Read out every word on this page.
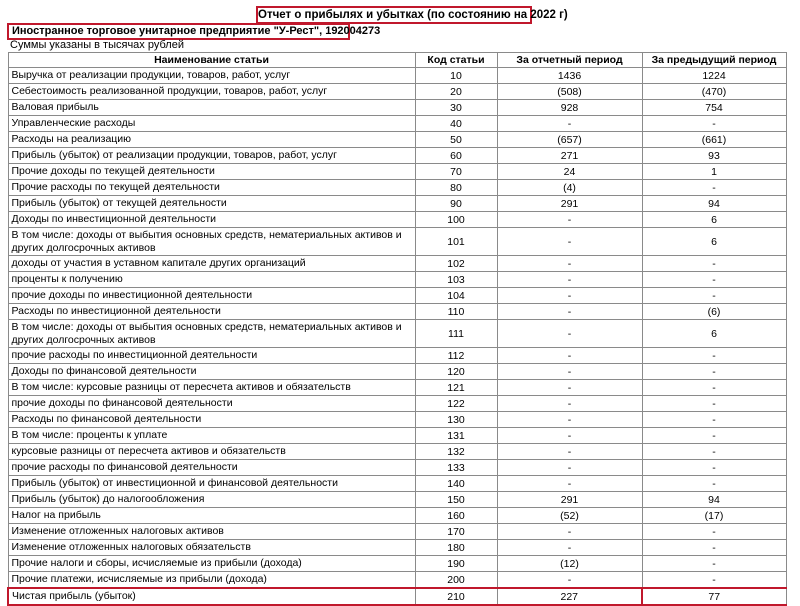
Отчет о прибылях и убытках (по состоянию на 2022 г)
Иностранное торговое унитарное предприятие "У-Рест", 192004273
Суммы указаны в тысячах рублей
Наименование статьи	Код статьи	За отчетный период	За предыдущий период
Выручка от реализации продукции, товаров, работ, услуг	10	1436	1224
Себестоимость реализованной продукции, товаров, работ, услуг	20	(508)	(470)
Валовая прибыль	30	928	754
Управленческие расходы	40	-	-
Расходы на реализацию	50	(657)	(661)
Прибыль (убыток) от реализации продукции, товаров, работ, услуг	60	271	93
Прочие доходы по текущей деятельности	70	24	1
Прочие расходы по текущей деятельности	80	(4)	-
Прибыль (убыток) от текущей деятельности	90	291	94
Доходы по инвестиционной деятельности	100	-	6
В том числе: доходы от выбытия основных средств, нематериальных активов и других долгосрочных активов	101	-	6
доходы от участия в уставном капитале других организаций	102	-	-
проценты к получению	103	-	-
прочие доходы по инвестиционной деятельности	104	-	-
Расходы по инвестиционной деятельности	110	-	(6)
В том числе: доходы от выбытия основных средств, нематериальных активов и других долгосрочных активов	111	-	6
прочие расходы по инвестиционной деятельности	112	-	-
Доходы по финансовой деятельности	120	-	-
В том числе: курсовые разницы от пересчета активов и обязательств	121	-	-
прочие доходы по финансовой деятельности	122	-	-
Расходы по финансовой деятельности	130	-	-
В том числе: проценты к уплате	131	-	-
курсовые разницы от пересчета активов и обязательств	132	-	-
прочие расходы по финансовой деятельности	133	-	-
Прибыль (убыток) от инвестиционной и финансовой деятельности	140	-	-
Прибыль (убыток) до налогообложения	150	291	94
Налог на прибыль	160	(52)	(17)
Изменение отложенных налоговых активов	170	-	-
Изменение отложенных налоговых обязательств	180	-	-
Прочие налоги и сборы, исчисляемые из прибыли (дохода)	190	(12)	-
Прочие платежи, исчисляемые из прибыли (дохода)	200	-	-
Чистая прибыль (убыток)	210	227	77
